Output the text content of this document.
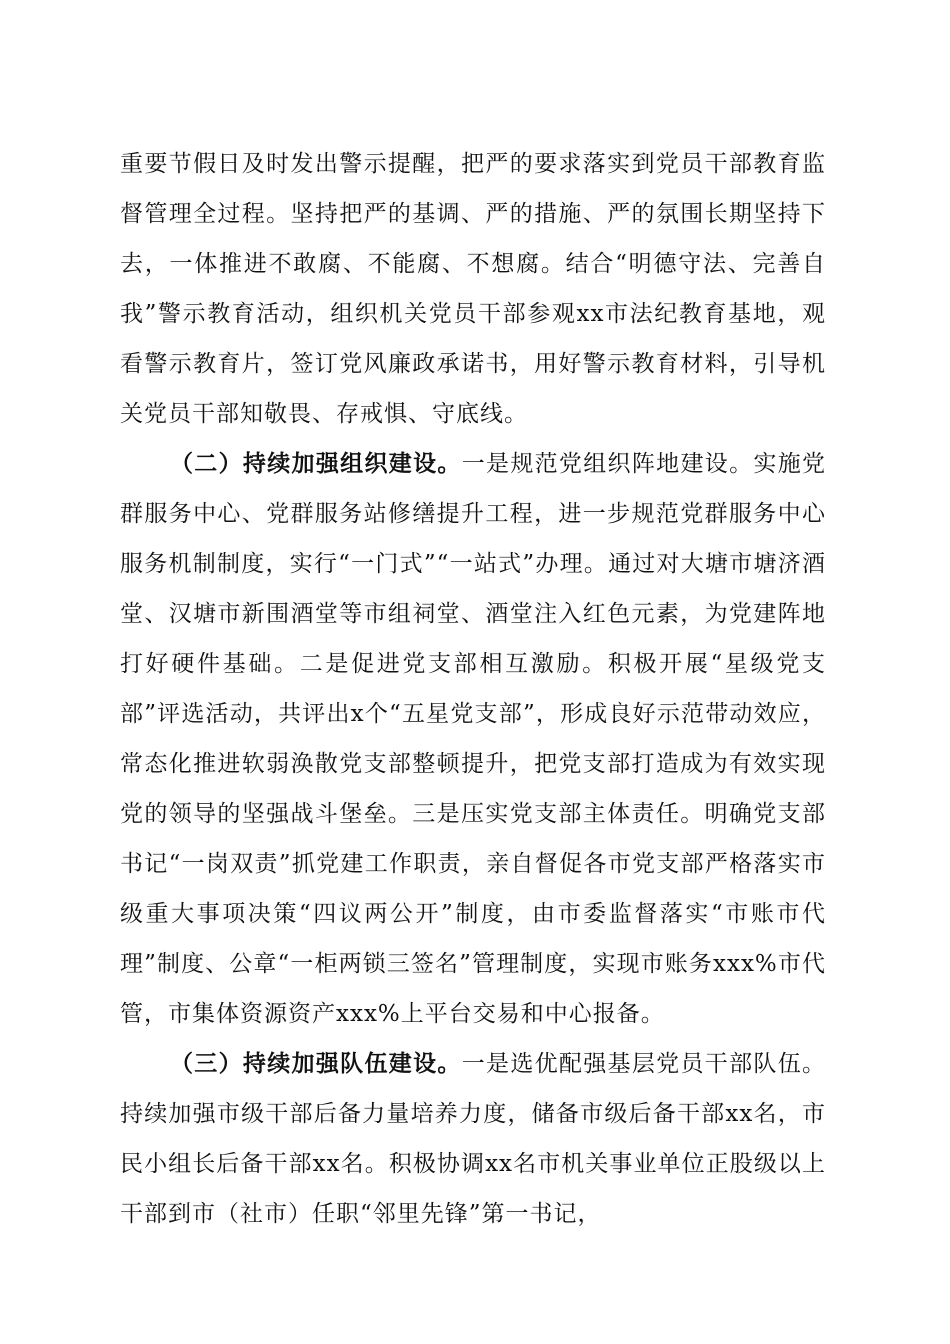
重要节假日及时发出警示提醒，把严的要求落实到党员干部教育监督管理全过程。坚持把严的基调、严的措施、严的氛围长期坚持下去，一体推进不敢腐、不能腐、不想腐。结合“明德守法、完善自我”警示教育活动，组织机关党员干部参观xx市法纪教育基地，观看警示教育片，签订党风廉政承诺书，用好警示教育材料，引导机关党员干部知敬畏、存戒惧、守底线。

（二）持续加强组织建设。一是规范党组织阵地建设。实施党群服务中心、党群服务站修缮提升工程，进一步规范党群服务中心服务机制制度，实行“一门式”“一站式”办理。通过对大塘市塘济酒堂、汉塘市新围酒堂等市组祠堂、酒堂注入红色元素，为党建阵地打好硬件基础。二是促进党支部相互激励。积极开展“星级党支部”评选活动，共评出x个“五星党支部”，形成良好示范带动效应，常态化推进软弱涣散党支部整顿提升，把党支部打造成为有效实现党的领导的坚强战斗堡垒。三是压实党支部主体责任。明确党支部书记“一岗双责”抓党建工作职责，亲自督促各市党支部严格落实市级重大事项决策“四议两公开”制度，由市委监督落实“市账市代理”制度、公章“一柜两锁三签名”管理制度，实现市账务xxx%市代管，市集体资源资产xxx%上平台交易和中心报备。

（三）持续加强队伍建设。一是选优配强基层党员干部队伍。持续加强市级干部后备力量培养力度，储备市级后备干部xx名，市民小组长后备干部xx名。积极协调xx名市机关事业单位正股级以上干部到市（社市）任职“邻里先锋”第一书记，
